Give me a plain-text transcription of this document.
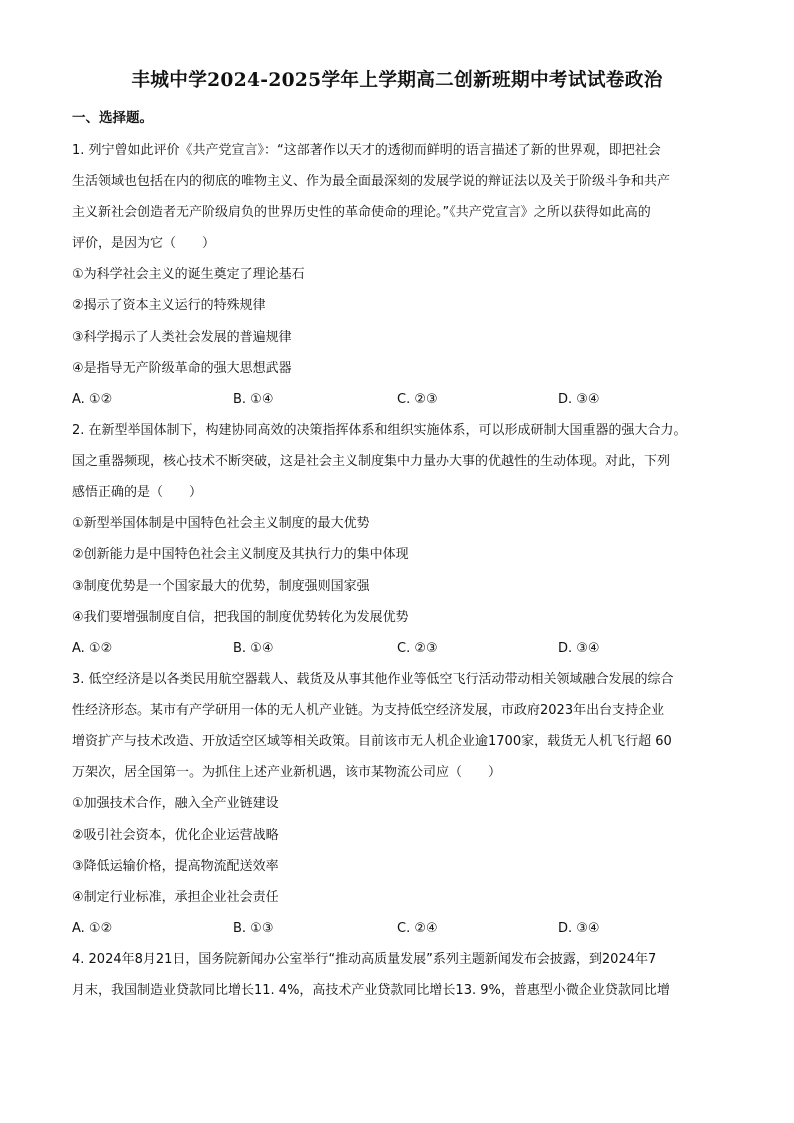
丰城中学2024-2025学年上学期高二创新班期中考试试卷政治
一、选择题。
1. 列宁曾如此评价《共产党宣言》：“这部著作以天才的透彻而鲜明的语言描述了新的世界观，即把社会
生活领域也包括在内的彻底的唯物主义、作为最全面最深刻的发展学说的辩证法以及关于阶级斗争和共产
主义新社会创造者无产阶级肩负的世界历史性的革命使命的理论。”《共产党宣言》之所以获得如此高的
评价，是因为它（　　）
①为科学社会主义的诞生奠定了理论基石
②揭示了资本主义运行的特殊规律
③科学揭示了人类社会发展的普遍规律
④是指导无产阶级革命的强大思想武器
A. ①②	B. ①④	C. ②③	D. ③④
2. 在新型举国体制下，构建协同高效的决策指挥体系和组织实施体系，可以形成研制大国重器的强大合力。
国之重器频现，核心技术不断突破，这是社会主义制度集中力量办大事的优越性的生动体现。对此，下列
感悟正确的是（　　）
①新型举国体制是中国特色社会主义制度的最大优势
②创新能力是中国特色社会主义制度及其执行力的集中体现
③制度优势是一个国家最大的优势，制度强则国家强
④我们要增强制度自信，把我国的制度优势转化为发展优势
A. ①②	B. ①④	C. ②③	D. ③④
3. 低空经济是以各类民用航空器载人、载货及从事其他作业等低空飞行活动带动相关领域融合发展的综合
性经济形态。某市有产学研用一体的无人机产业链。为支持低空经济发展，市政府2023年出台支持企业
增资扩产与技术改造、开放适空区域等相关政策。目前该市无人机企业逾1700家，载货无人机飞行超 60
万架次，居全国第一。为抓住上述产业新机遇，该市某物流公司应（　　）
①加强技术合作，融入全产业链建设
②吸引社会资本，优化企业运营战略
③降低运输价格，提高物流配送效率
④制定行业标准，承担企业社会责任
A. ①②	B. ①③	C. ②④	D. ③④
4. 2024年8月21日，国务院新闻办公室举行“推动高质量发展”系列主题新闻发布会披露，到2024年7
月末，我国制造业贷款同比增长11. 4%，高技术产业贷款同比增长13. 9%，普惠型小微企业贷款同比增
